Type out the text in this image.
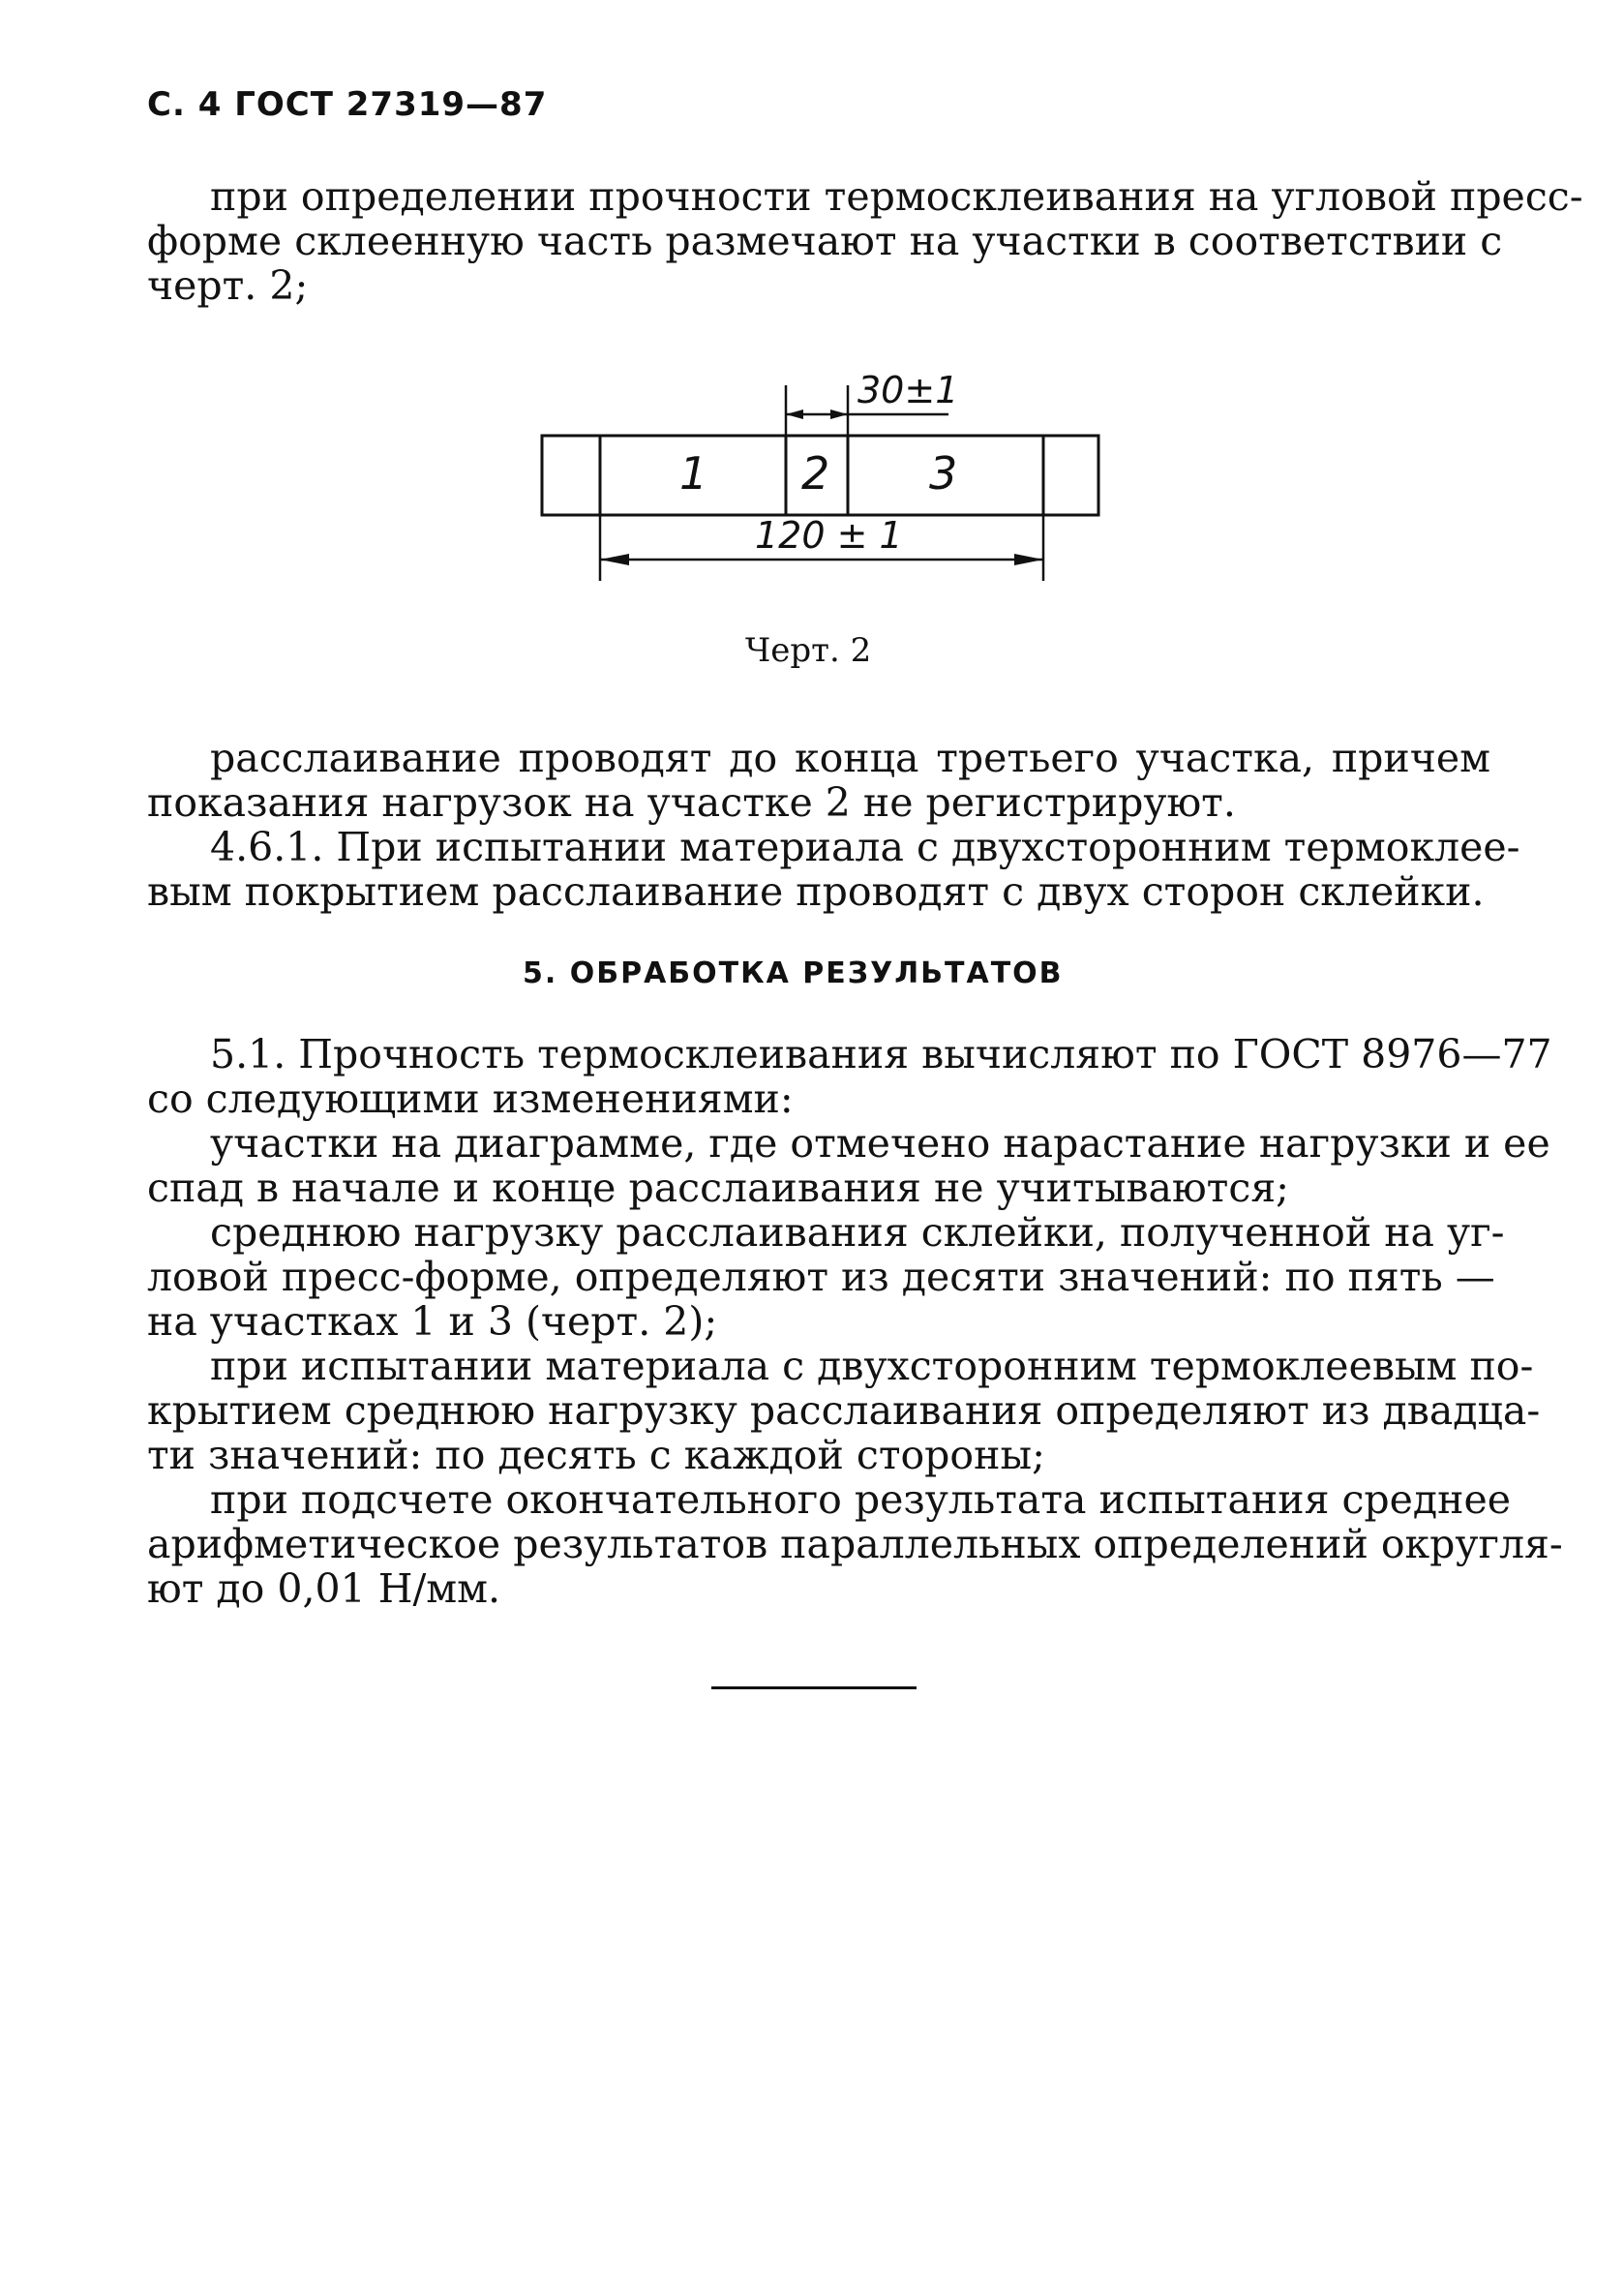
С. 4 ГОСТ 27319—87
при определении прочности термосклеивания на угловой пресс-
форме склеенную часть размечают на участки в соответствии с
черт. 2;
1 2 3
30±1
120 ± 1
Черт. 2
расслаивание проводят до конца третьего участка, причем
показания нагрузок на участке 2 не регистрируют.
4.6.1. При испытании материала с двухсторонним термоклее-
вым покрытием расслаивание проводят с двух сторон склейки.
5. ОБРАБОТКА РЕЗУЛЬТАТОВ
5.1. Прочность термосклеивания вычисляют по ГОСТ 8976—77
со следующими изменениями:
участки на диаграмме, где отмечено нарастание нагрузки и ее
спад в начале и конце расслаивания не учитываются;
среднюю нагрузку расслаивания склейки, полученной на уг-
ловой пресс-форме, определяют из десяти значений: по пять —
на участках 1 и 3 (черт. 2);
при испытании материала с двухсторонним термоклеевым по-
крытием среднюю нагрузку расслаивания определяют из двадца-
ти значений: по десять с каждой стороны;
при подсчете окончательного результата испытания среднее
арифметическое результатов параллельных определений округля-
ют до 0,01 Н/мм.
